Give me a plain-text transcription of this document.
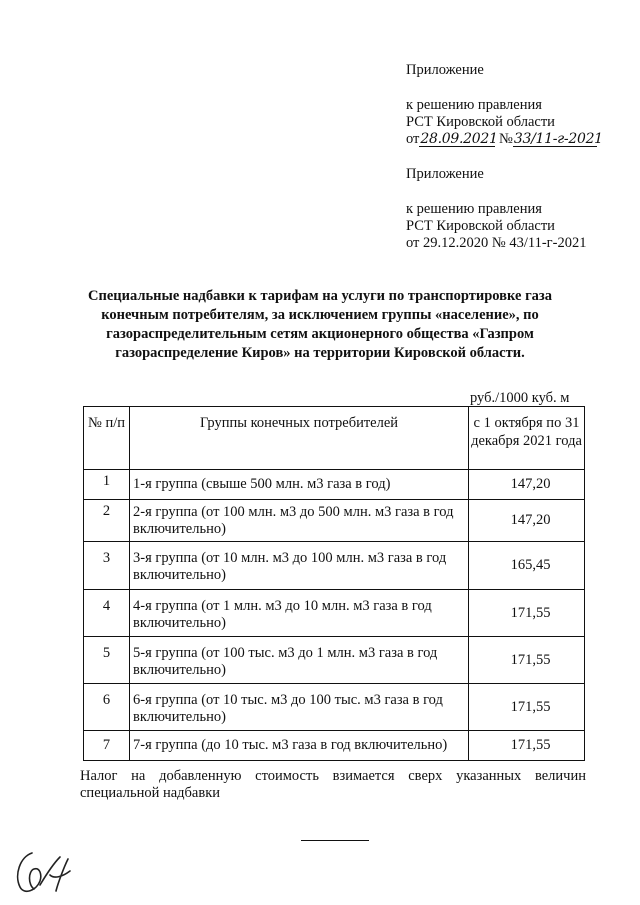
Приложение
к решению правления
РСТ Кировской области
от28.09.2021 №33/11-г-2021
Приложение
к решению правления
РСТ Кировской области
от 29.12.2020 № 43/11-г-2021
Специальные надбавки к тарифам на услуги по транспортировке газа
конечным потребителям, за исключением группы «население», по
газораспределительным сетям акционерного общества «Газпром
газораспределение Киров» на территории Кировской области.
руб./1000 куб. м
№ п/п	Группы конечных потребителей	с 1 октября по 31 декабря 2021 года
1	1-я группа (свыше 500 млн. м3 газа в год)	147,20
2	2-я группа (от 100 млн. м3 до 500 млн. м3 газа в год включительно)	147,20
3	3-я группа (от 10 млн. м3 до 100 млн. м3 газа в год включительно)	165,45
4	4-я группа (от 1 млн. м3 до 10 млн. м3 газа в год включительно)	171,55
5	5-я группа (от 100 тыс. м3 до 1 млн. м3 газа в год включительно)	171,55
6	6-я группа (от 10 тыс. м3 до 100 тыс. м3 газа в год включительно)	171,55
7	7-я группа (до 10 тыс. м3 газа в год включительно)	171,55
Налог на добавленную стоимость взимается сверх указанных величин специальной надбавки
